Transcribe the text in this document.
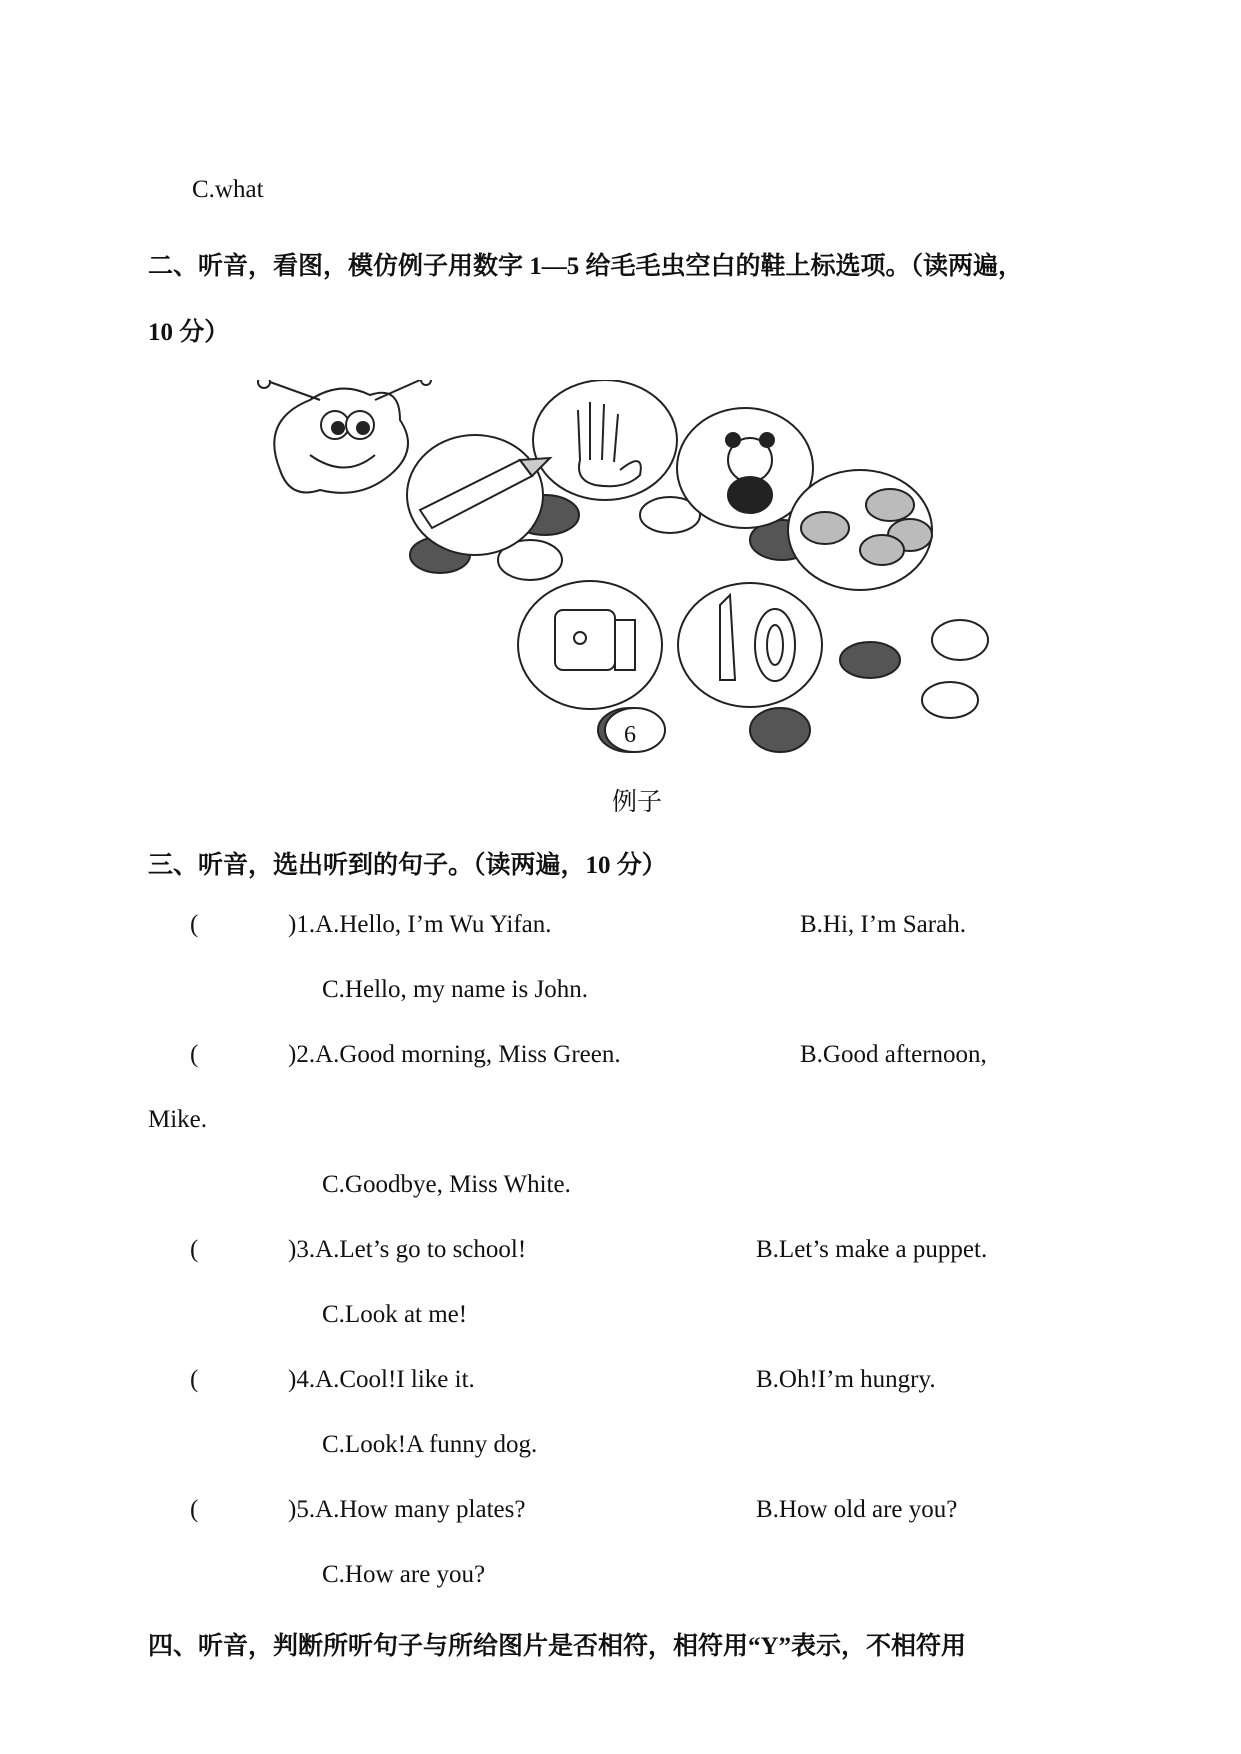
C.what
二、听音，看图，模仿例子用数字 1—5 给毛毛虫空白的鞋上标选项。（读两遍，
10 分）
6
例子
三、听音，选出听到的句子。（读两遍，10 分）
(	)1.A.Hello, I’m Wu Yifan.	B.Hi, I’m Sarah.
C.Hello, my name is John.
(	)2.A.Good morning, Miss Green.	B.Good afternoon,
Mike.
C.Goodbye, Miss White.
(	)3.A.Let’s go to school!	B.Let’s make a puppet.
C.Look at me!
(	)4.A.Cool!I like it.	B.Oh!I’m hungry.
C.Look!A funny dog.
(	)5.A.How many plates?	B.How old are you?
C.How are you?
四、听音，判断所听句子与所给图片是否相符，相符用“Y”表示，不相符用
